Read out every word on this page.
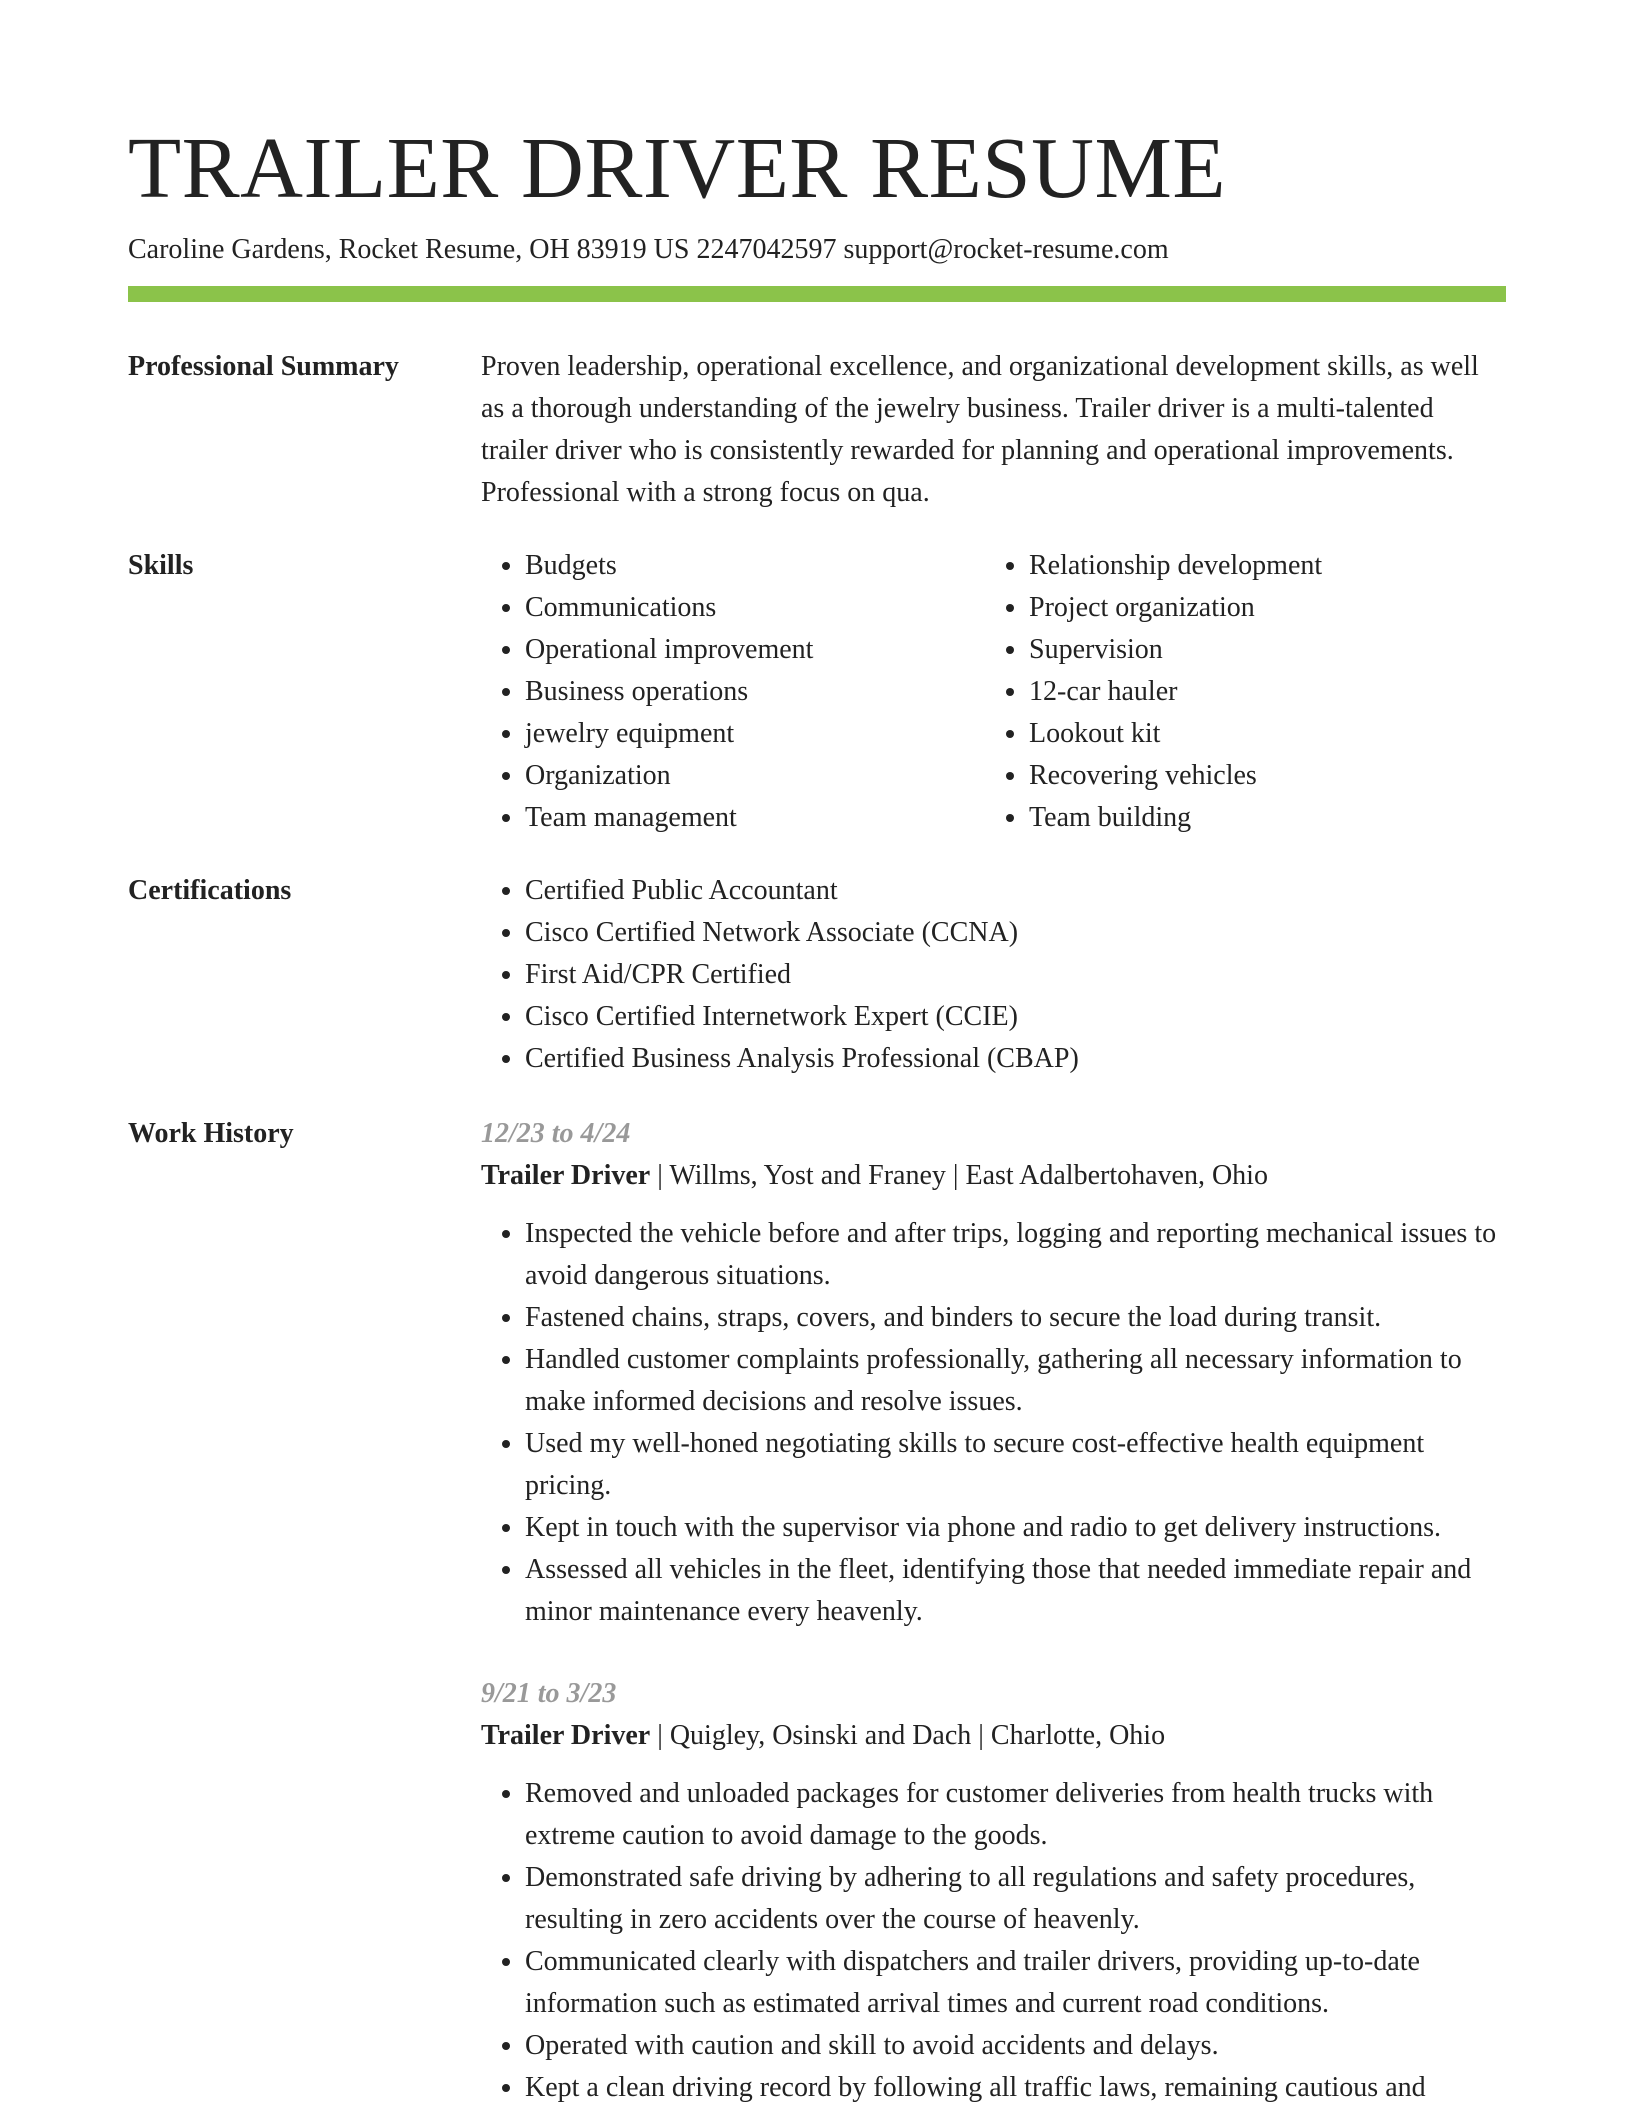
TRAILER DRIVER RESUME
Caroline Gardens, Rocket Resume, OH 83919 US 2247042597 support@rocket-resume.com
Professional Summary	Proven leadership, operational excellence, and organizational development skills, as well as a thorough understanding of the jewelry business. Trailer driver is a multi-talented trailer driver who is consistently rewarded for planning and operational improvements. Professional with a strong focus on qua.

Skills	• Budgets
• Communications
• Operational improvement
• Business operations
• jewelry equipment
• Organization
• Team management
• Relationship development
• Project organization
• Supervision
• 12-car hauler
• Lookout kit
• Recovering vehicles
• Team building
Certifications	• Certified Public Accountant
• Cisco Certified Network Associate (CCNA)
• First Aid/CPR Certified
• Cisco Certified Internetwork Expert (CCIE)
• Certified Business Analysis Professional (CBAP)
Work History	12/23 to 4/24
Trailer Driver | Willms, Yost and Franey | East Adalbertohaven, Ohio
• Inspected the vehicle before and after trips, logging and reporting mechanical issues to avoid dangerous situations.
• Fastened chains, straps, covers, and binders to secure the load during transit.
• Handled customer complaints professionally, gathering all necessary information to make informed decisions and resolve issues.
• Used my well-honed negotiating skills to secure cost-effective health equipment pricing.
• Kept in touch with the supervisor via phone and radio to get delivery instructions.
• Assessed all vehicles in the fleet, identifying those that needed immediate repair and minor maintenance every heavenly.
9/21 to 3/23
Trailer Driver | Quigley, Osinski and Dach | Charlotte, Ohio
• Removed and unloaded packages for customer deliveries from health trucks with extreme caution to avoid damage to the goods.
• Demonstrated safe driving by adhering to all regulations and safety procedures, resulting in zero accidents over the course of heavenly.
• Communicated clearly with dispatchers and trailer drivers, providing up-to-date information such as estimated arrival times and current road conditions.
• Operated with caution and skill to avoid accidents and delays.
• Kept a clean driving record by following all traffic laws, remaining cautious and
